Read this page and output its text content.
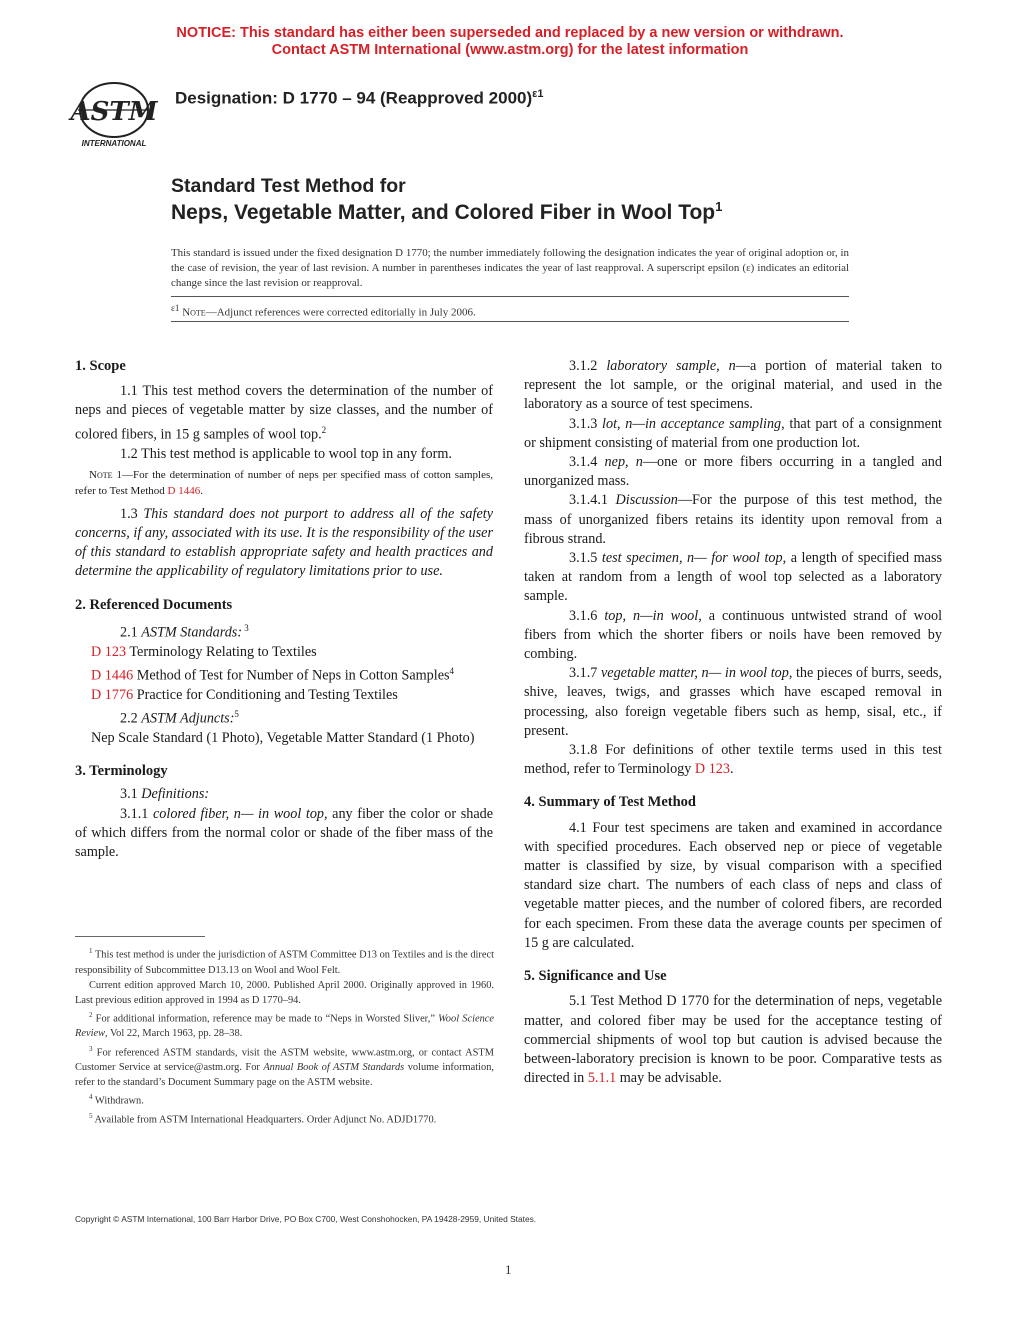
NOTICE: This standard has either been superseded and replaced by a new version or withdrawn.
Contact ASTM International (www.astm.org) for the latest information
ASTM
INTERNATIONAL
Designation: D 1770 – 94 (Reapproved 2000)$^{\varepsilon 1}$
Standard Test Method for
Neps, Vegetable Matter, and Colored Fiber in Wool Top$^1$
This standard is issued under the fixed designation D 1770; the number immediately following the designation indicates the year of original adoption or, in the case of revision, the year of last revision. A number in parentheses indicates the year of last reapproval. A superscript epsilon (ε) indicates an editorial change since the last revision or reapproval.
$^{\varepsilon 1}$ Note—Adjunct references were corrected editorially in July 2006.

1. Scope

1.1 This test method covers the determination of the number of neps and pieces of vegetable matter by size classes, and the number of colored fibers, in 15 g samples of wool top.$^2$

1.2 This test method is applicable to wool top in any form.

Note 1—For the determination of number of neps per specified mass of cotton samples, refer to Test Method D 1446.

1.3 This standard does not purport to address all of the safety concerns, if any, associated with its use. It is the responsibility of the user of this standard to establish appropriate safety and health practices and determine the applicability of regulatory limitations prior to use.

2. Referenced Documents

2.1 ASTM Standards: $^3$

D 123 Terminology Relating to Textiles

D 1446 Method of Test for Number of Neps in Cotton Samples$^4$

D 1776 Practice for Conditioning and Testing Textiles

2.2 ASTM Adjuncts:$^5$

Nep Scale Standard (1 Photo), Vegetable Matter Standard (1 Photo)

3. Terminology

3.1 Definitions:

3.1.1 colored fiber, n— in wool top, any fiber the color or shade of which differs from the normal color or shade of the fiber mass of the sample.

$^1$ This test method is under the jurisdiction of ASTM Committee D13 on Textiles and is the direct responsibility of Subcommittee D13.13 on Wool and Wool Felt.

Current edition approved March 10, 2000. Published April 2000. Originally approved in 1960. Last previous edition approved in 1994 as D 1770–94.

$^2$ For additional information, reference may be made to “Neps in Worsted Sliver,” Wool Science Review, Vol 22, March 1963, pp. 28–38.

$^3$ For referenced ASTM standards, visit the ASTM website, www.astm.org, or contact ASTM Customer Service at service@astm.org. For Annual Book of ASTM Standards volume information, refer to the standard’s Document Summary page on the ASTM website.

$^4$ Withdrawn.

$^5$ Available from ASTM International Headquarters. Order Adjunct No. ADJD1770.

3.1.2 laboratory sample, n—a portion of material taken to represent the lot sample, or the original material, and used in the laboratory as a source of test specimens.

3.1.3 lot, n—in acceptance sampling, that part of a consignment or shipment consisting of material from one production lot.

3.1.4 nep, n—one or more fibers occurring in a tangled and unorganized mass.

3.1.4.1 Discussion—For the purpose of this test method, the mass of unorganized fibers retains its identity upon removal from a fibrous strand.

3.1.5 test specimen, n— for wool top, a length of specified mass taken at random from a length of wool top selected as a laboratory sample.

3.1.6 top, n—in wool, a continuous untwisted strand of wool fibers from which the shorter fibers or noils have been removed by combing.

3.1.7 vegetable matter, n— in wool top, the pieces of burrs, seeds, shive, leaves, twigs, and grasses which have escaped removal in processing, also foreign vegetable fibers such as hemp, sisal, etc., if present.

3.1.8 For definitions of other textile terms used in this test method, refer to Terminology D 123.

4. Summary of Test Method

4.1 Four test specimens are taken and examined in accordance with specified procedures. Each observed nep or piece of vegetable matter is classified by size, by visual comparison with a specified standard size chart. The numbers of each class of neps and class of vegetable matter pieces, and the number of colored fibers, are recorded for each specimen. From these data the average counts per specimen of 15 g are calculated.

5. Significance and Use

5.1 Test Method D 1770 for the determination of neps, vegetable matter, and colored fiber may be used for the acceptance testing of commercial shipments of wool top but caution is advised because the between-laboratory precision is known to be poor. Comparative tests as directed in 5.1.1 may be advisable.

Copyright © ASTM International, 100 Barr Harbor Drive, PO Box C700, West Conshohocken, PA 19428-2959, United States.
1
